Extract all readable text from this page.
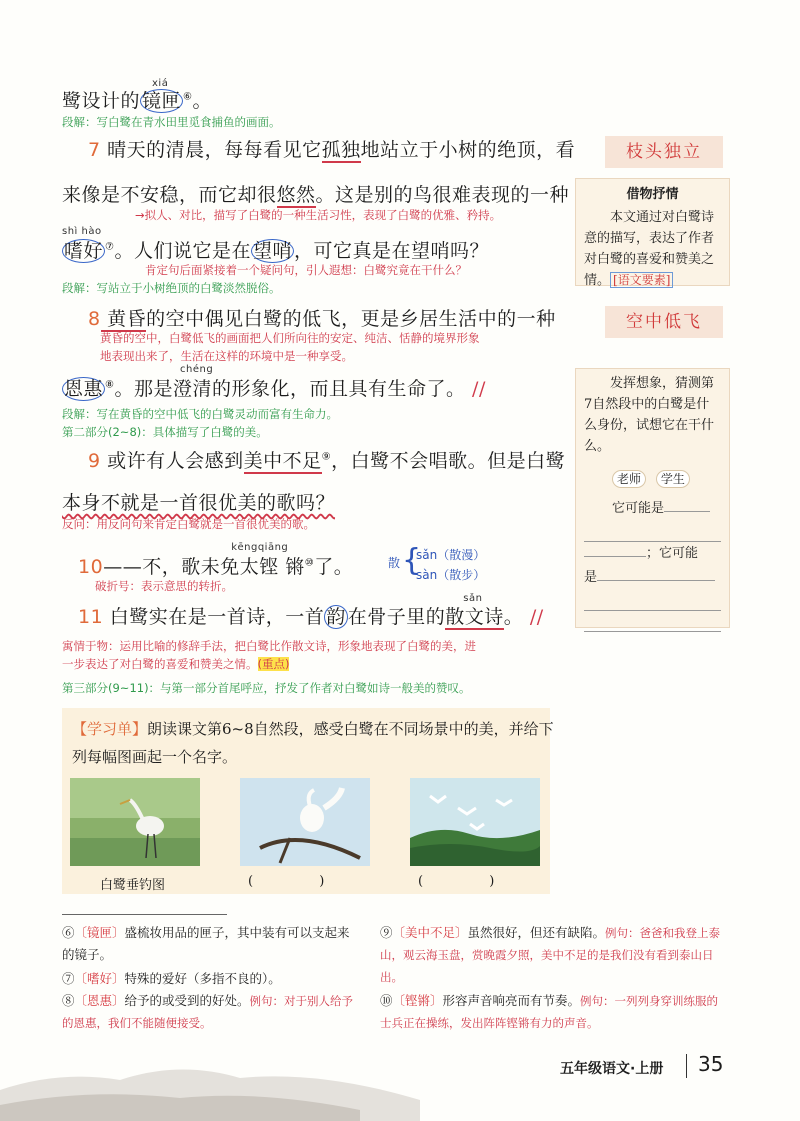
鹭设计的
xiá
镜匣 ⑥。
段解：写白鹭在青水田里觅食捕鱼的画面。
7 晴天的清晨，每每看见它孤独地站立于小树的绝顶，看
来像是不安稳，而它却很悠然。这是别的鸟很难表现的一种
→拟人、对比，描写了白鹭的一种生活习性，表现了白鹭的优雅、矜持。
shì hào
嗜好 ⑦。人们说它是在 望哨 ，可它真是在望哨吗？
肯定句后面紧接着一个疑问句，引人遐想：白鹭究竟在干什么？
段解：写站立于小树绝顶的白鹭淡然脱俗。
8 黄昏的空中偶见白鹭的低飞，更是乡居生活中的一种
黄昏的空中，白鹭低飞的画面把人们所向往的安定、纯洁、恬静的境界形象
地表现出来了，生活在这样的环境中是一种享受。
chéng
恩惠 ⑧。那是澄清的形象化，而且具有生命了。 //
段解：写在黄昏的空中低飞的白鹭灵动而富有生命力。
第二部分(2~8)：具体描写了白鹭的美。
9 或许有人会感到美中不足⑨，白鹭不会唱歌。但是白鹭
本身不就是一首很优美的歌吗？
反问：用反问句来肯定白鹭就是一首很优美的歌。
10
kēngqiāng
——不，歌未免太铿 锵⑩了。
破折号：表示意思的转折。
散 {
sǎn（散漫）
sàn（散步）
11 白鹭实在是一首诗，一首 韵 在骨子里的
sǎn
散文诗。 //
寓情于物：运用比喻的修辞手法，把白鹭比作散文诗，形象地表现了白鹭的美，进
一步表达了对白鹭的喜爱和赞美之情。(重点)
第三部分(9~11)：与第一部分首尾呼应，抒发了作者对白鹭如诗一般美的赞叹。
枝头独立
借物抒情
本文通过对白鹭诗意的描写，表达了作者对白鹭的喜爱和赞美之情。 [语文要素]
空中低飞
发挥想象，猜测第7自然段中的白鹭是什么身份，试想它在干什么。
老师 学生
它可能是
；它可能
是
【学习单】朗读课文第6~8自然段，感受白鹭在不同场景中的美，并给下
列每幅图画起一个名字。
白鹭垂钓图	(                )	(                )
⑥〔镜匣〕盛梳妆用品的匣子，其中装有可以支起来的镜子。
⑦〔嗜好〕特殊的爱好（多指不良的）。
⑧〔恩惠〕给予的或受到的好处。例句：对于别人给予的恩惠，我们不能随便接受。
⑨〔美中不足〕虽然很好，但还有缺陷。例句：爸爸和我登上泰山，观云海玉盘，赏晚霞夕照，美中不足的是我们没有看到泰山日出。
⑩〔铿锵〕形容声音响亮而有节奏。例句：一列列身穿训练服的士兵正在操练，发出阵阵铿锵有力的声音。
五年级语文·上册 35
